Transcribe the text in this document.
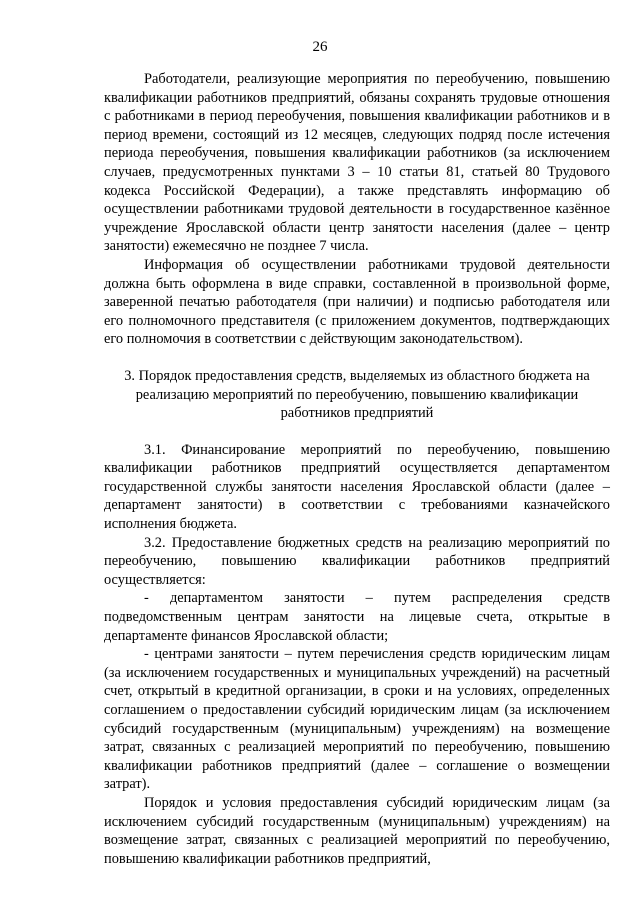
26

Работодатели, реализующие мероприятия по переобучению, повышению квалификации работников предприятий, обязаны сохранять трудовые отношения с работниками в период переобучения, повышения квалификации работников и в период времени, состоящий из 12 месяцев, следующих подряд после истечения периода переобучения, повышения квалификации работников (за исключением случаев, предусмотренных пунктами 3 – 10 статьи 81, статьей 80 Трудового кодекса Российской Федерации), а также представлять информацию об осуществлении работниками трудовой деятельности в государственное казённое учреждение Ярославской области центр занятости населения (далее – центр занятости) ежемесячно не позднее 7 числа.

Информация об осуществлении работниками трудовой деятельности должна быть оформлена в виде справки, составленной в произвольной форме, заверенной печатью работодателя (при наличии) и подписью работодателя или его полномочного представителя (с приложением документов, подтверждающих его полномочия в соответствии с действующим законодательством).

3. Порядок предоставления средств, выделяемых из областного бюджета на реализацию мероприятий по переобучению, повышению квалификации работников предприятий

3.1. Финансирование мероприятий по переобучению, повышению квалификации работников предприятий осуществляется департаментом государственной службы занятости населения Ярославской области (далее – департамент занятости) в соответствии с требованиями казначейского исполнения бюджета.

3.2. Предоставление бюджетных средств на реализацию мероприятий по переобучению, повышению квалификации работников предприятий осуществляется:

- департаментом занятости – путем распределения средств подведомственным центрам занятости на лицевые счета, открытые в департаменте финансов Ярославской области;

- центрами занятости – путем перечисления средств юридическим лицам (за исключением государственных и муниципальных учреждений) на расчетный счет, открытый в кредитной организации, в сроки и на условиях, определенных соглашением о предоставлении субсидий юридическим лицам (за исключением субсидий государственным (муниципальным) учреждениям) на возмещение затрат, связанных с реализацией мероприятий по переобучению, повышению квалификации работников предприятий (далее – соглашение о возмещении затрат).

Порядок и условия предоставления субсидий юридическим лицам (за исключением субсидий государственным (муниципальным) учреждениям) на возмещение затрат, связанных с реализацией мероприятий по переобучению, повышению квалификации работников предприятий,
